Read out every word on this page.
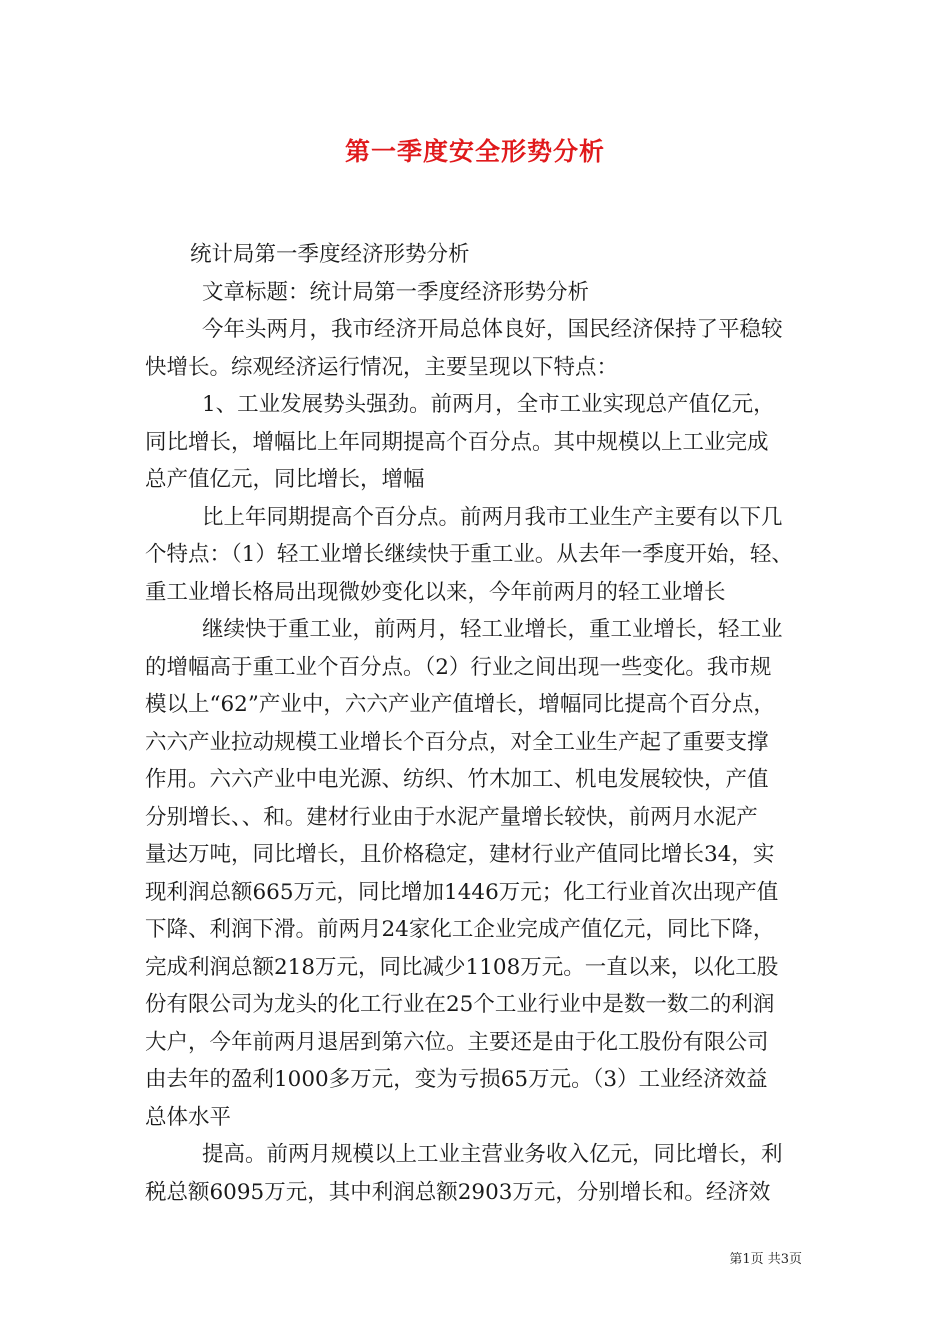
第一季度安全形势分析
统计局第一季度经济形势分析
文章标题：统计局第一季度经济形势分析
今年头两月，我市经济开局总体良好，国民经济保持了平稳较
快增长。综观经济运行情况，主要呈现以下特点：
1、工业发展势头强劲。前两月，全市工业实现总产值亿元，
同比增长，增幅比上年同期提高个百分点。其中规模以上工业完成
总产值亿元，同比增长，增幅
比上年同期提高个百分点。前两月我市工业生产主要有以下几
个特点：（1）轻工业增长继续快于重工业。从去年一季度开始，轻、
重工业增长格局出现微妙变化以来，今年前两月的轻工业增长
继续快于重工业，前两月，轻工业增长，重工业增长，轻工业
的增幅高于重工业个百分点。（2）行业之间出现一些变化。我市规
模以上“62”产业中，六六产业产值增长，增幅同比提高个百分点，
六六产业拉动规模工业增长个百分点，对全工业生产起了重要支撑
作用。六六产业中电光源、纺织、竹木加工、机电发展较快，产值
分别增长、、和。建材行业由于水泥产量增长较快，前两月水泥产
量达万吨，同比增长，且价格稳定，建材行业产值同比增长34，实
现利润总额665万元，同比增加1446万元；化工行业首次出现产值
下降、利润下滑。前两月24家化工企业完成产值亿元，同比下降，
完成利润总额218万元，同比减少1108万元。一直以来，以化工股
份有限公司为龙头的化工行业在25个工业行业中是数一数二的利润
大户，今年前两月退居到第六位。主要还是由于化工股份有限公司
由去年的盈利1000多万元，变为亏损65万元。（3）工业经济效益
总体水平
提高。前两月规模以上工业主营业务收入亿元，同比增长，利
税总额6095万元，其中利润总额2903万元，分别增长和。经济效
第1页 共3页
